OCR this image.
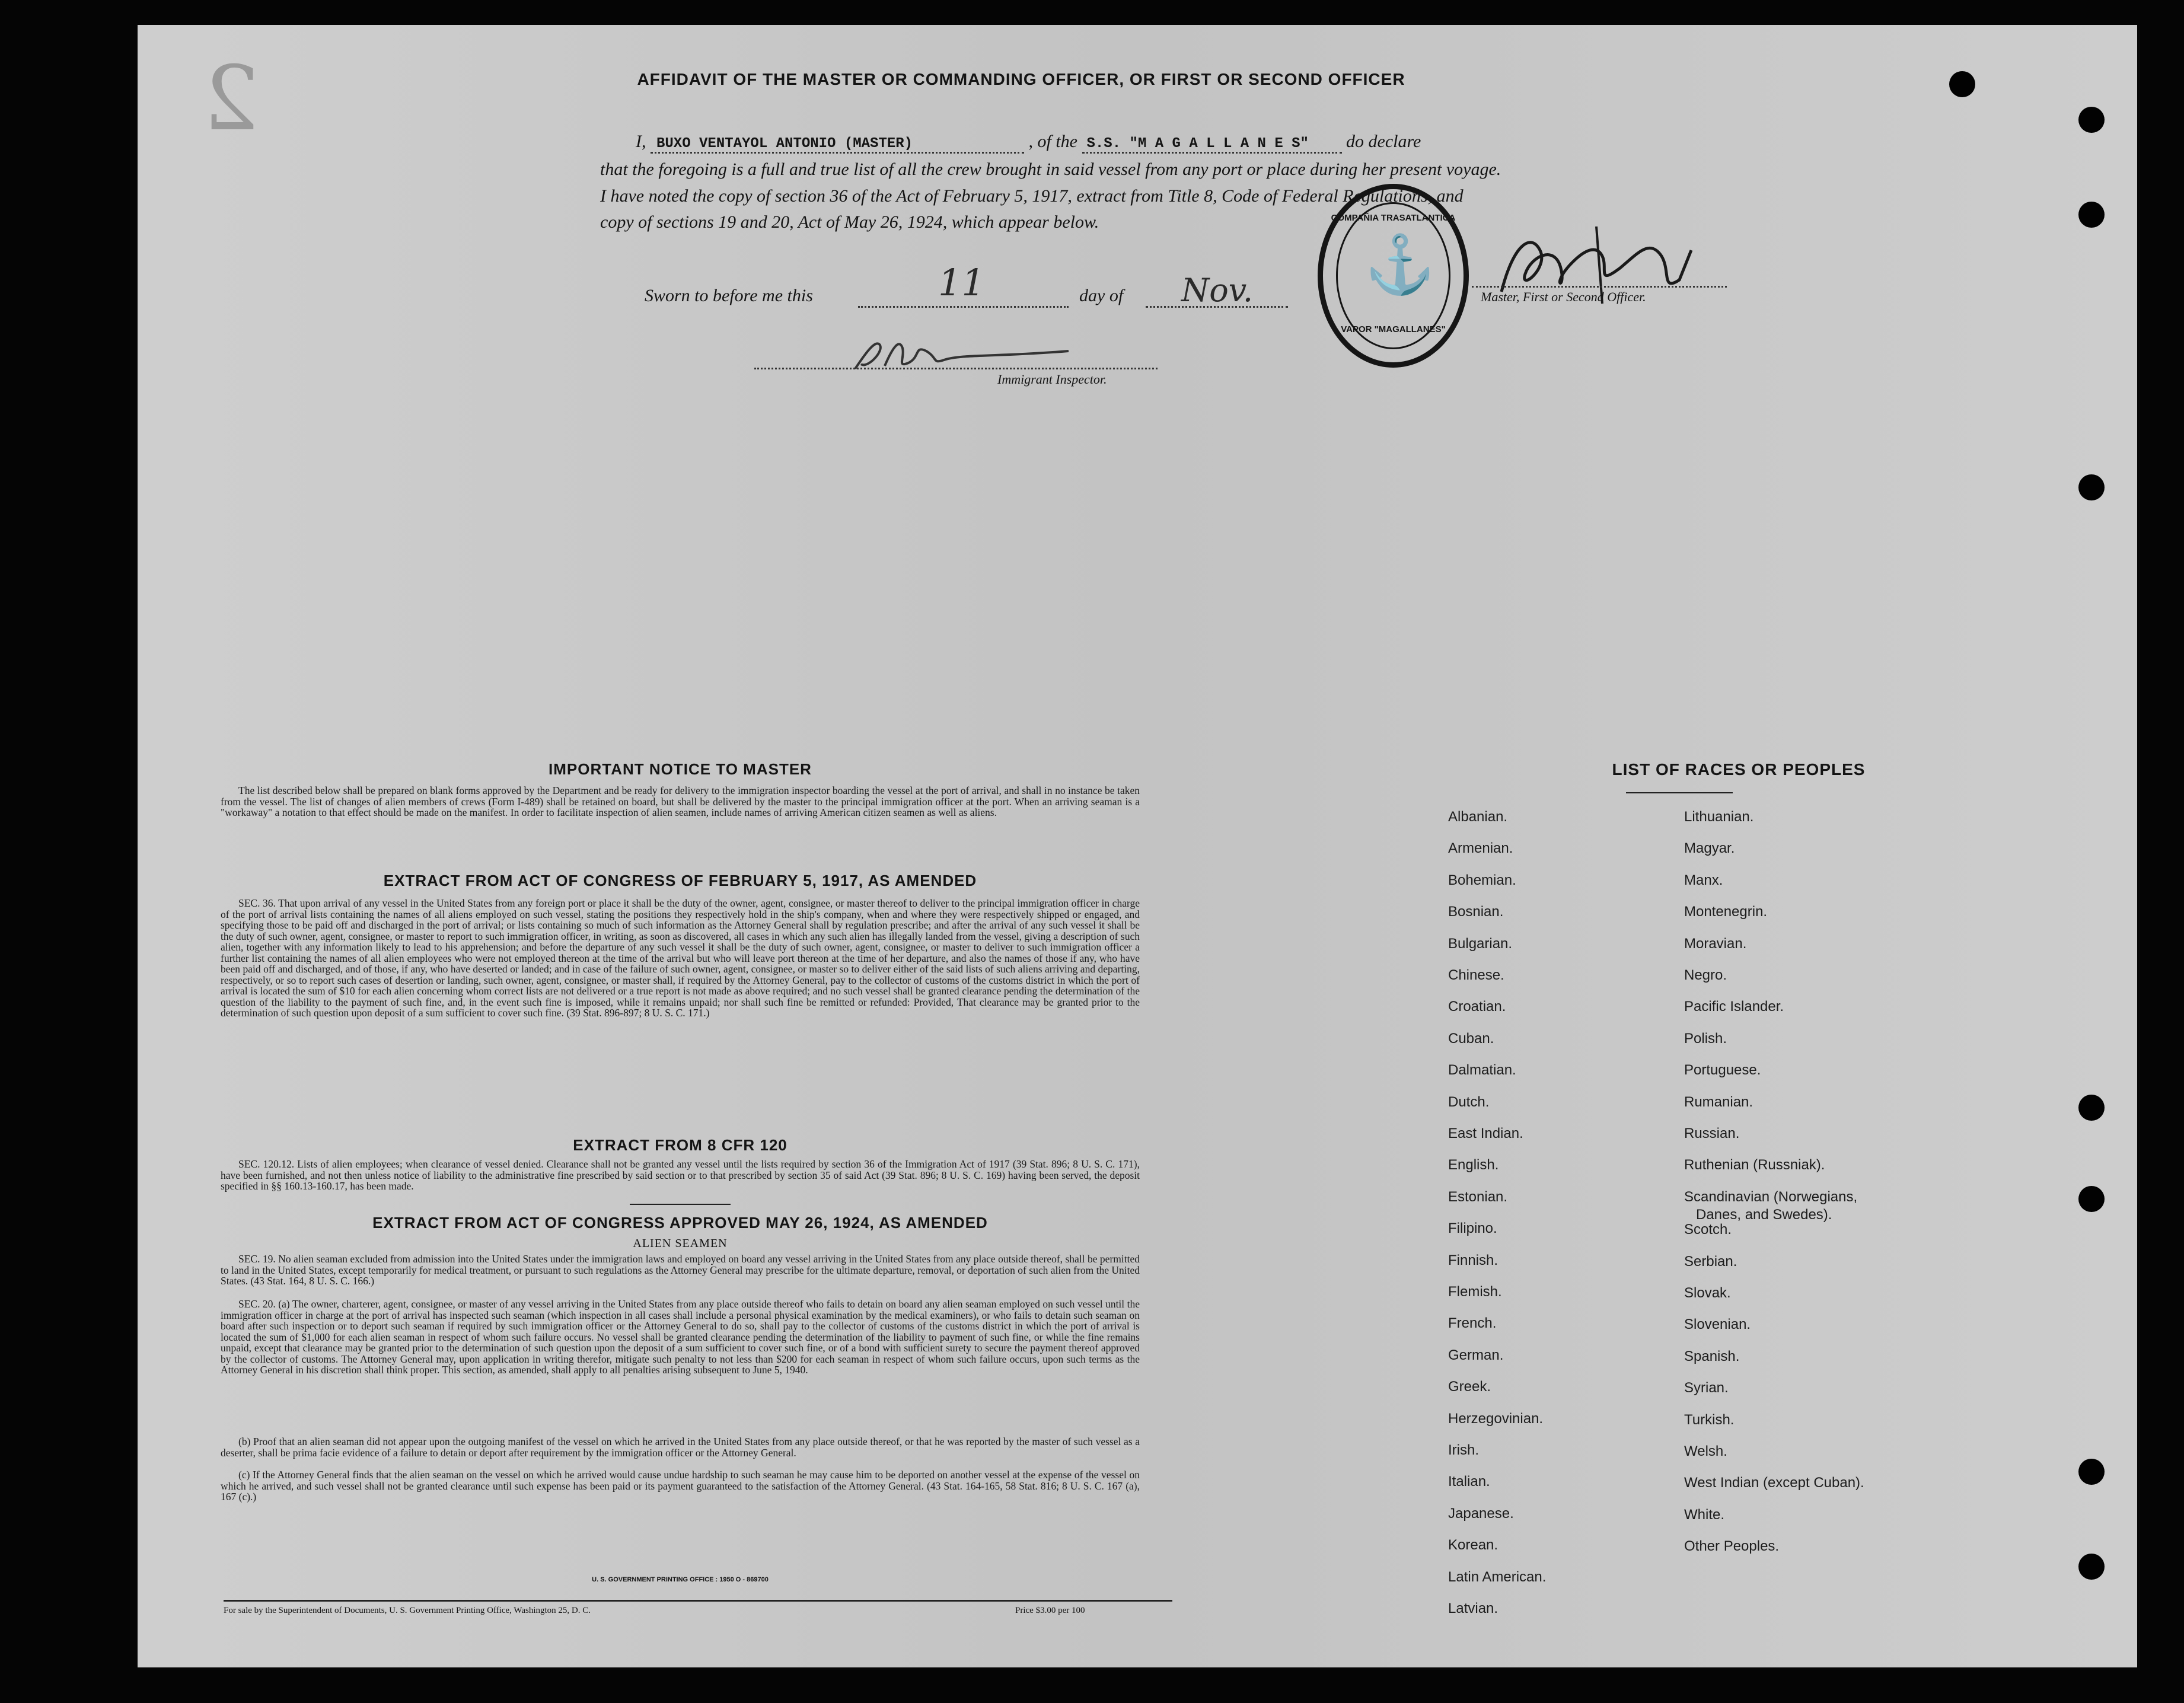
2	AFFIDAVIT OF THE MASTER OR COMMANDING OFFICER, OR FIRST OR SECOND OFFICER
I, BUXO VENTAYOL ANTONIO (MASTER)	, of the S.S. "M A G A L L A N E S" do declare
that the foregoing is a full and true list of all the crew brought in said vessel from any port or place during her present voyage.
I have noted the copy of section 36 of the Act of February 5, 1917, extract from Title 8, Code of Federal Regulations, and
copy of sections 19 and 20, Act of May 26, 1924, which appear below.
Sworn to before me this	11	day of Nov.
Immigrant Inspector.
COMPAÑIA TRASATLANTICA
⚓
VAPOR "MAGALLANES"
Master, First or Second Officer.
IMPORTANT NOTICE TO MASTER
The list described below shall be prepared on blank forms approved by the Department and be ready for delivery to the immigration inspector boarding the vessel at the port of arrival, and shall in no instance be taken from the vessel. The list of changes of alien members of crews (Form I-489) shall be retained on board, but shall be delivered by the master to the principal immigration officer at the port. When an arriving seaman is a "workaway" a notation to that effect should be made on the manifest. In order to facilitate inspection of alien seamen, include names of arriving American citizen seamen as well as aliens.
EXTRACT FROM ACT OF CONGRESS OF FEBRUARY 5, 1917, AS AMENDED
SEC. 36. That upon arrival of any vessel in the United States from any foreign port or place it shall be the duty of the owner, agent, consignee, or master thereof to deliver to the principal immigration officer in charge of the port of arrival lists containing the names of all aliens employed on such vessel, stating the positions they respectively hold in the ship's company, when and where they were respectively shipped or engaged, and specifying those to be paid off and discharged in the port of arrival; or lists containing so much of such information as the Attorney General shall by regulation prescribe; and after the arrival of any such vessel it shall be the duty of such owner, agent, consignee, or master to report to such immigration officer, in writing, as soon as discovered, all cases in which any such alien has illegally landed from the vessel, giving a description of such alien, together with any information likely to lead to his apprehension; and before the departure of any such vessel it shall be the duty of such owner, agent, consignee, or master to deliver to such immigration officer a further list containing the names of all alien employees who were not employed thereon at the time of the arrival but who will leave port thereon at the time of her departure, and also the names of those if any, who have been paid off and discharged, and of those, if any, who have deserted or landed; and in case of the failure of such owner, agent, consignee, or master so to deliver either of the said lists of such aliens arriving and departing, respectively, or so to report such cases of desertion or landing, such owner, agent, consignee, or master shall, if required by the Attorney General, pay to the collector of customs of the customs district in which the port of arrival is located the sum of $10 for each alien concerning whom correct lists are not delivered or a true report is not made as above required; and no such vessel shall be granted clearance pending the determination of the question of the liability to the payment of such fine, and, in the event such fine is imposed, while it remains unpaid; nor shall such fine be remitted or refunded: Provided, That clearance may be granted prior to the determination of such question upon deposit of a sum sufficient to cover such fine. (39 Stat. 896-897; 8 U. S. C. 171.)
EXTRACT FROM 8 CFR 120
SEC. 120.12. Lists of alien employees; when clearance of vessel denied. Clearance shall not be granted any vessel until the lists required by section 36 of the Immigration Act of 1917 (39 Stat. 896; 8 U. S. C. 171), have been furnished, and not then unless notice of liability to the administrative fine prescribed by said section or to that prescribed by section 35 of said Act (39 Stat. 896; 8 U. S. C. 169) having been served, the deposit specified in §§ 160.13-160.17, has been made.
EXTRACT FROM ACT OF CONGRESS APPROVED MAY 26, 1924, AS AMENDED
ALIEN SEAMEN
SEC. 19. No alien seaman excluded from admission into the United States under the immigration laws and employed on board any vessel arriving in the United States from any place outside thereof, shall be permitted to land in the United States, except temporarily for medical treatment, or pursuant to such regulations as the Attorney General may prescribe for the ultimate departure, removal, or deportation of such alien from the United States. (43 Stat. 164, 8 U. S. C. 166.)
SEC. 20. (a) The owner, charterer, agent, consignee, or master of any vessel arriving in the United States from any place outside thereof who fails to detain on board any alien seaman employed on such vessel until the immigration officer in charge at the port of arrival has inspected such seaman (which inspection in all cases shall include a personal physical examination by the medical examiners), or who fails to detain such seaman on board after such inspection or to deport such seaman if required by such immigration officer or the Attorney General to do so, shall pay to the collector of customs of the customs district in which the port of arrival is located the sum of $1,000 for each alien seaman in respect of whom such failure occurs. No vessel shall be granted clearance pending the determination of the liability to payment of such fine, or while the fine remains unpaid, except that clearance may be granted prior to the determination of such question upon the deposit of a sum sufficient to cover such fine, or of a bond with sufficient surety to secure the payment thereof approved by the collector of customs. The Attorney General may, upon application in writing therefor, mitigate such penalty to not less than $200 for each seaman in respect of whom such failure occurs, upon such terms as the Attorney General in his discretion shall think proper. This section, as amended, shall apply to all penalties arising subsequent to June 5, 1940.
(b) Proof that an alien seaman did not appear upon the outgoing manifest of the vessel on which he arrived in the United States from any place outside thereof, or that he was reported by the master of such vessel as a deserter, shall be prima facie evidence of a failure to detain or deport after requirement by the immigration officer or the Attorney General.
(c) If the Attorney General finds that the alien seaman on the vessel on which he arrived would cause undue hardship to such seaman he may cause him to be deported on another vessel at the expense of the vessel on which he arrived, and such vessel shall not be granted clearance until such expense has been paid or its payment guaranteed to the satisfaction of the Attorney General. (43 Stat. 164-165, 58 Stat. 816; 8 U. S. C. 167 (a), 167 (c).)
U. S. GOVERNMENT PRINTING OFFICE : 1950 O - 869700
For sale by the Superintendent of Documents, U. S. Government Printing Office, Washington 25, D. C.	Price $3.00 per 100
LIST OF RACES OR PEOPLES
Albanian.
Armenian.
Bohemian.
Bosnian.
Bulgarian.
Chinese.
Croatian.
Cuban.
Dalmatian.
Dutch.
East Indian.
English.
Estonian.
Filipino.
Finnish.
Flemish.
French.
German.
Greek.
Herzegovinian.
Irish.
Italian.
Japanese.
Korean.
Latin American.
Latvian.
Lithuanian.
Magyar.
Manx.
Montenegrin.
Moravian.
Negro.
Pacific Islander.
Polish.
Portuguese.
Rumanian.
Russian.
Ruthenian (Russniak).
Scandinavian (Norwegians,
Danes, and Swedes).
Scotch.
Serbian.
Slovak.
Slovenian.
Spanish.
Syrian.
Turkish.
Welsh.
West Indian (except Cuban).
White.
Other Peoples.
